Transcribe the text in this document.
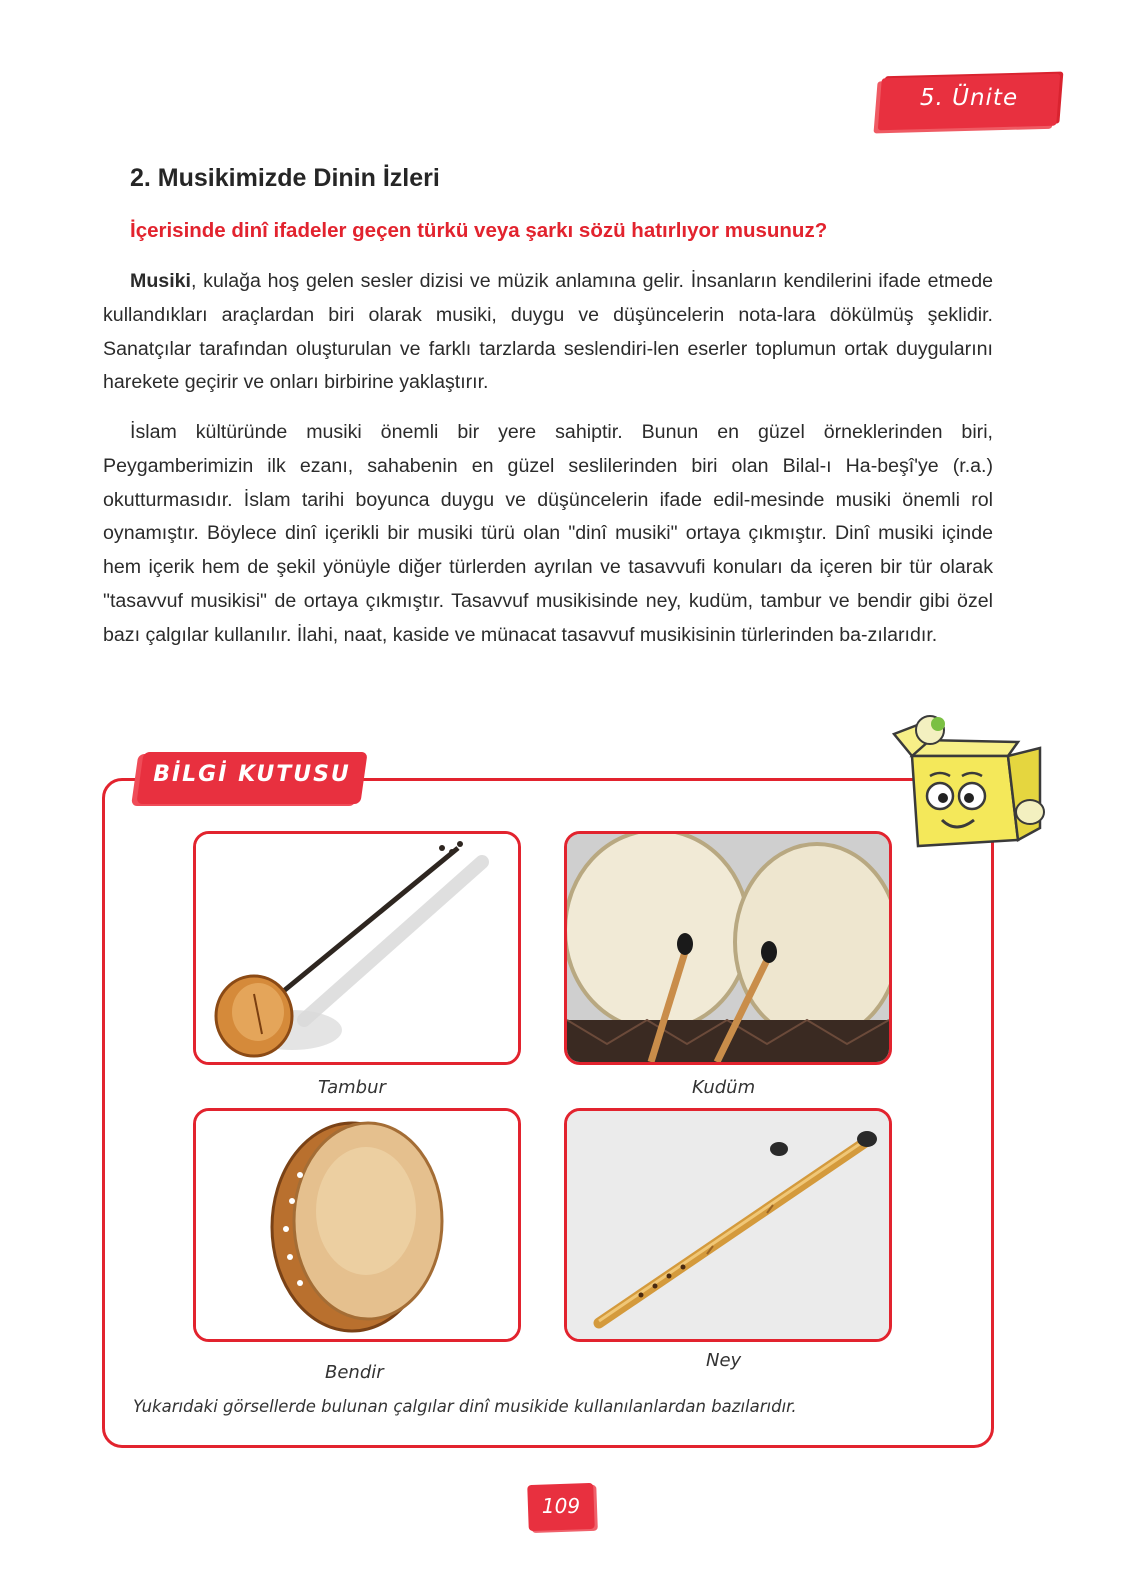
5. Ünite
2. Musikimizde Dinin İzleri

İçerisinde dinî ifadeler geçen türkü veya şarkı sözü hatırlıyor musunuz?

Musiki, kulağa hoş gelen sesler dizisi ve müzik anlamına gelir. İnsanların kendilerini ifade etmede kullandıkları araçlardan biri olarak musiki, duygu ve düşüncelerin nota-lara dökülmüş şeklidir. Sanatçılar tarafından oluşturulan ve farklı tarzlarda seslendiri-len eserler toplumun ortak duygularını harekete geçirir ve onları birbirine yaklaştırır.

İslam kültüründe musiki önemli bir yere sahiptir. Bunun en güzel örneklerinden biri, Peygamberimizin ilk ezanı, sahabenin en güzel seslilerinden biri olan Bilal-ı Ha-beşî'ye (r.a.) okutturmasıdır. İslam tarihi boyunca duygu ve düşüncelerin ifade edil-mesinde musiki önemli rol oynamıştır. Böylece dinî içerikli bir musiki türü olan "dinî musiki" ortaya çıkmıştır. Dinî musiki içinde hem içerik hem de şekil yönüyle diğer türlerden ayrılan ve tasavvufi konuları da içeren bir tür olarak "tasavvuf musikisi" de ortaya çıkmıştır. Tasavvuf musikisinde ney, kudüm, tambur ve bendir gibi özel bazı çalgılar kullanılır. İlahi, naat, kaside ve münacat tasavvuf musikisinin türlerinden ba-zılarıdır.

BİLGİ KUTUSU
Tambur	Kudüm
Bendir
Ney
Yukarıdaki görsellerde bulunan çalgılar dinî musikide kullanılanlardan bazılarıdır.
109
